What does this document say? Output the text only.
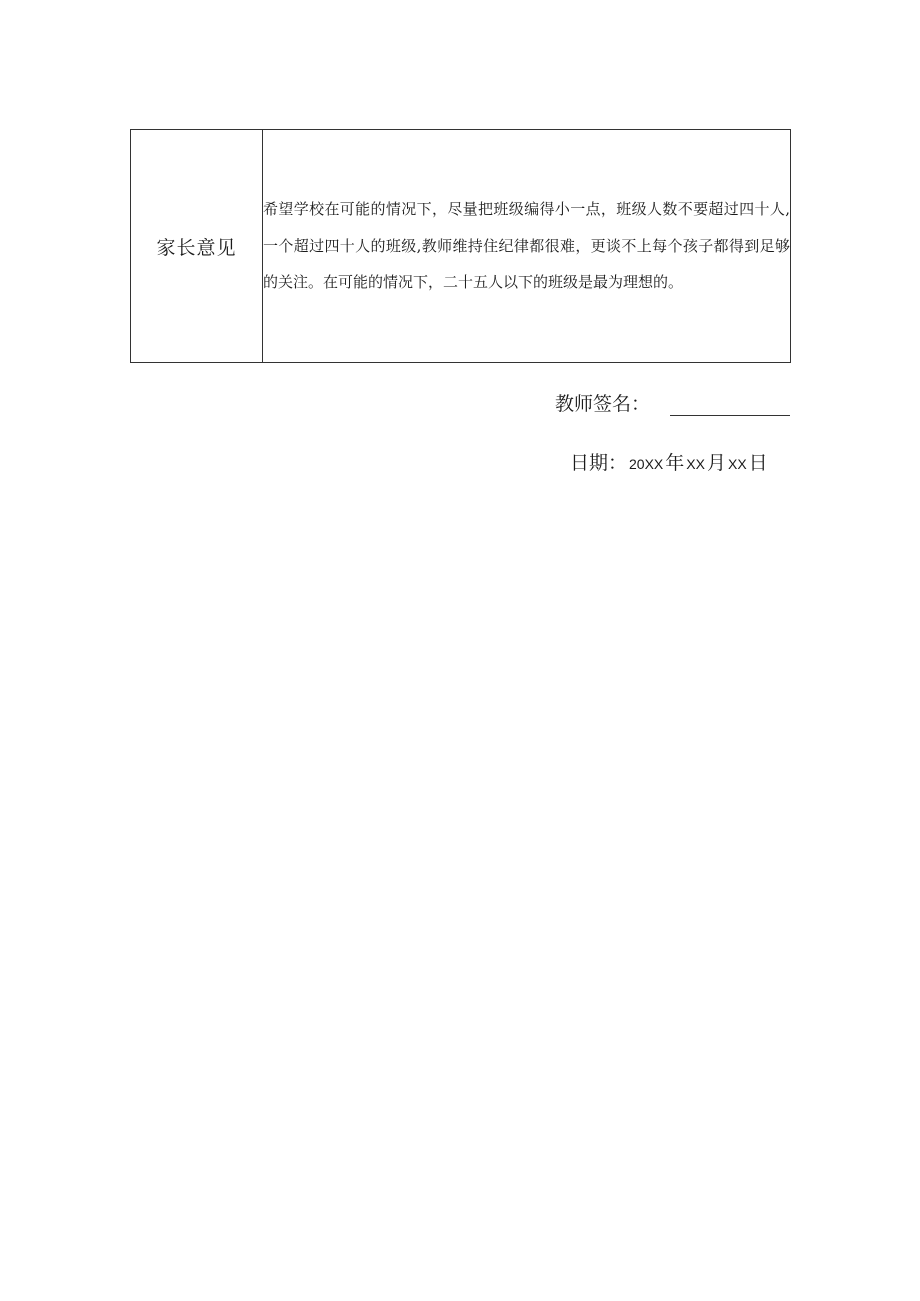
家长意见	

希望学校在可能的情况下，尽量把班级编得小一点，班级人数不要超过四十人,一个超过四十人的班级,教师维持住纪律都很难，更谈不上每个孩子都得到足够的关注。在可能的情况下，二十五人以下的班级是最为理想的。

教师签名：
日期： 20XX 年 XX 月 XX 日
